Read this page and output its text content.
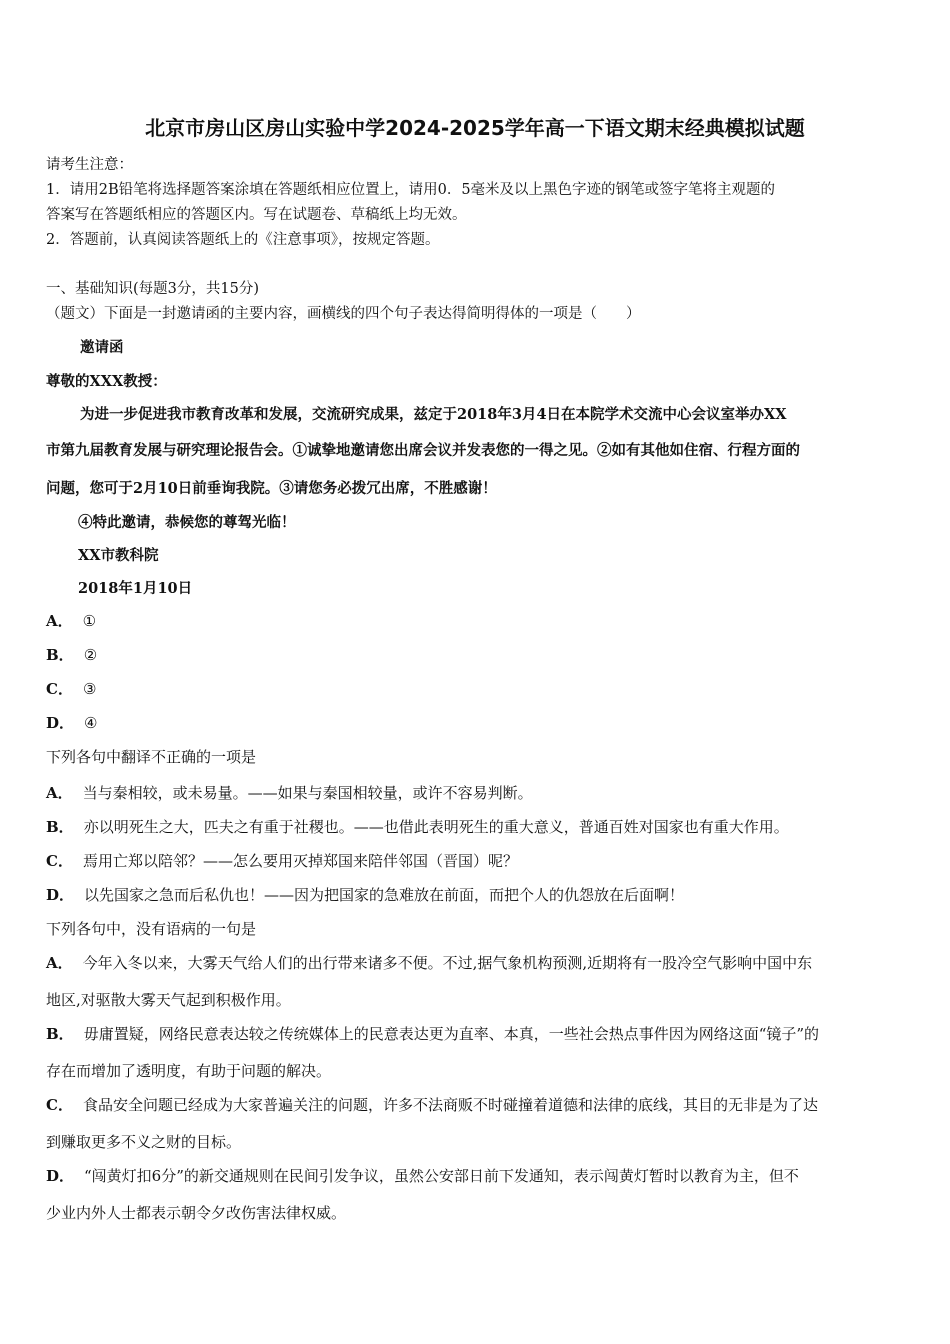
北京市房山区房山实验中学2024-2025学年高一下语文期末经典模拟试题
请考生注意：
1．请用2B铅笔将选择题答案涂填在答题纸相应位置上，请用0．5毫米及以上黑色字迹的钢笔或签字笔将主观题的
答案写在答题纸相应的答题区内。写在试题卷、草稿纸上均无效。
2．答题前，认真阅读答题纸上的《注意事项》，按规定答题。
一、基础知识(每题3分，共15分)
（题文）下面是一封邀请函的主要内容，画横线的四个句子表达得简明得体的一项是（　　）
邀请函
尊敬的XXX教授：
为进一步促进我市教育改革和发展，交流研究成果，兹定于2018年3月4日在本院学术交流中心会议室举办XX
市第九届教育发展与研究理论报告会。①诚挚地邀请您出席会议并发表您的一得之见。②如有其他如住宿、行程方面的
问题，您可于2月10日前垂询我院。③请您务必拨冗出席，不胜感谢！
④特此邀请，恭候您的尊驾光临！
XX市教科院
2018年1月10日
A． ①
B． ②
C． ③
D． ④
下列各句中翻译不正确的一项是
A． 当与秦相较，或未易量。——如果与秦国相较量，或许不容易判断。
B． 亦以明死生之大，匹夫之有重于社稷也。——也借此表明死生的重大意义，普通百姓对国家也有重大作用。
C． 焉用亡郑以陪邻？——怎么要用灭掉郑国来陪伴邻国（晋国）呢？
D． 以先国家之急而后私仇也！——因为把国家的急难放在前面，而把个人的仇怨放在后面啊！
下列各句中，没有语病的一句是
A． 今年入冬以来，大雾天气给人们的出行带来诸多不便。不过,据气象机构预测,近期将有一股冷空气影响中国中东
地区,对驱散大雾天气起到积极作用。
B． 毋庸置疑，网络民意表达较之传统媒体上的民意表达更为直率、本真，一些社会热点事件因为网络这面“镜子”的
存在而增加了透明度，有助于问题的解决。
C． 食品安全问题已经成为大家普遍关注的问题，许多不法商贩不时碰撞着道德和法律的底线，其目的无非是为了达
到赚取更多不义之财的目标。
D． “闯黄灯扣6分”的新交通规则在民间引发争议，虽然公安部日前下发通知，表示闯黄灯暂时以教育为主，但不
少业内外人士都表示朝令夕改伤害法律权威。
